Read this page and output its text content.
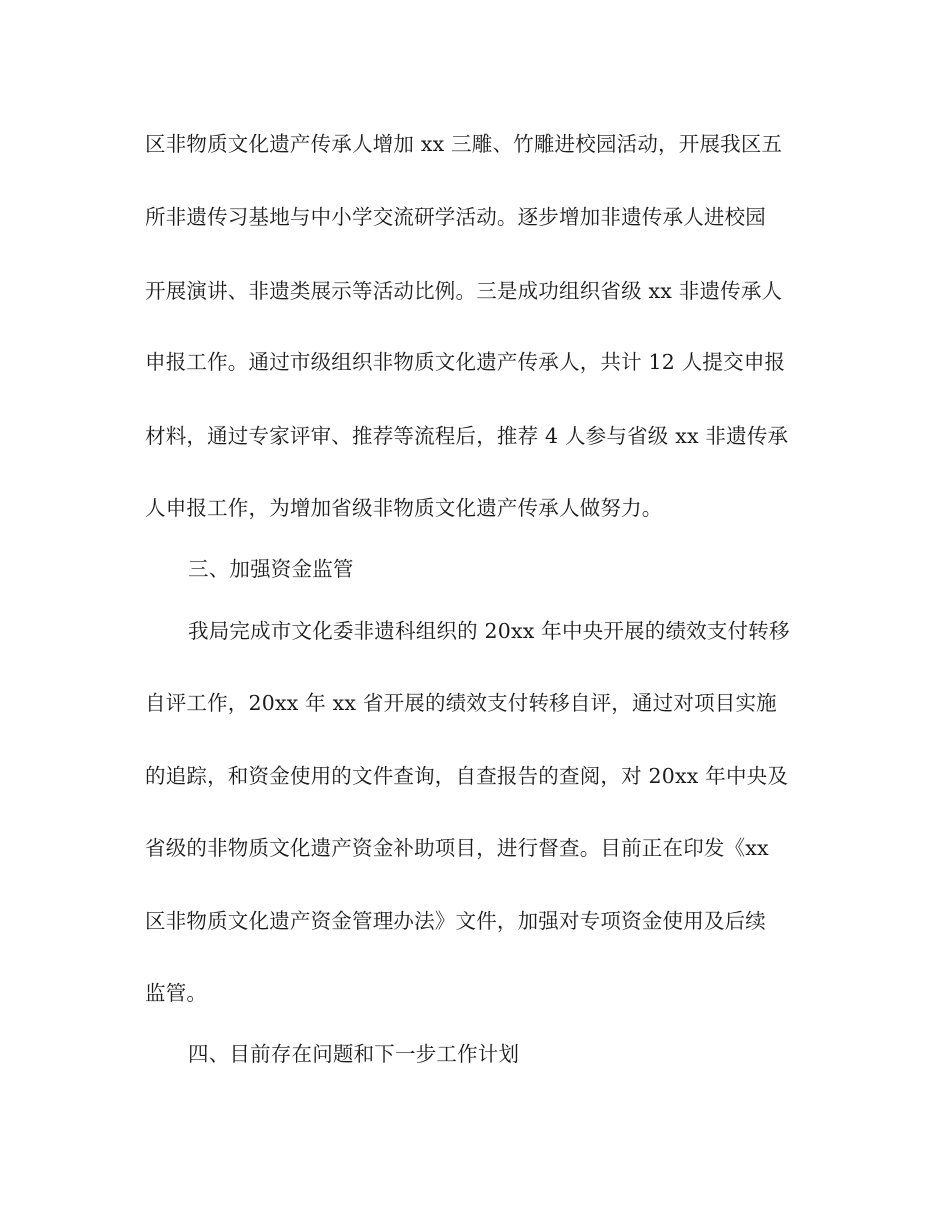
区非物质文化遗产传承人增加 xx 三雕、竹雕进校园活动，开展我区五
所非遗传习基地与中小学交流研学活动。逐步增加非遗传承人进校园
开展演讲、非遗类展示等活动比例。三是成功组织省级 xx 非遗传承人
申报工作。通过市级组织非物质文化遗产传承人，共计 12 人提交申报
材料，通过专家评审、推荐等流程后，推荐 4 人参与省级 xx 非遗传承
人申报工作，为增加省级非物质文化遗产传承人做努力。
三、加强资金监管
我局完成市文化委非遗科组织的 20xx 年中央开展的绩效支付转移
自评工作，20xx 年 xx 省开展的绩效支付转移自评，通过对项目实施
的追踪，和资金使用的文件查询，自查报告的查阅，对 20xx 年中央及
省级的非物质文化遗产资金补助项目，进行督查。目前正在印发《xx
区非物质文化遗产资金管理办法》文件，加强对专项资金使用及后续
监管。
四、目前存在问题和下一步工作计划
